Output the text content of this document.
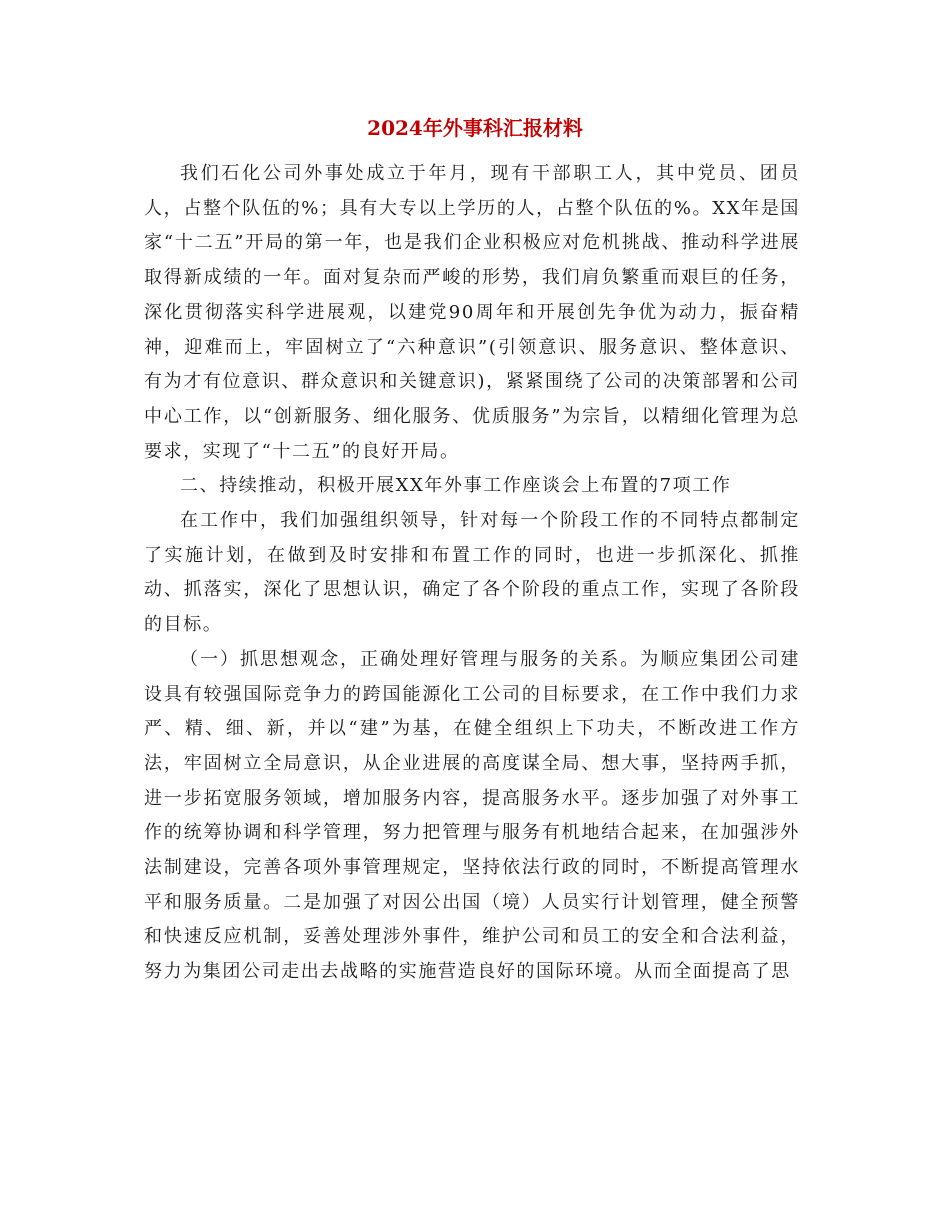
2024年外事科汇报材料

我们石化公司外事处成立于年月，现有干部职工人，其中党员、团员人，占整个队伍的%；具有大专以上学历的人，占整个队伍的%。XX年是国家“十二五”开局的第一年，也是我们企业积极应对危机挑战、推动科学进展取得新成绩的一年。面对复杂而严峻的形势，我们肩负繁重而艰巨的任务，深化贯彻落实科学进展观，以建党90周年和开展创先争优为动力，振奋精神，迎难而上，牢固树立了“六种意识”(引领意识、服务意识、整体意识、有为才有位意识、群众意识和关键意识)，紧紧围绕了公司的决策部署和公司中心工作，以“创新服务、细化服务、优质服务”为宗旨，以精细化管理为总要求，实现了“十二五”的良好开局。

二、持续推动，积极开展XX年外事工作座谈会上布置的7项工作

在工作中，我们加强组织领导，针对每一个阶段工作的不同特点都制定了实施计划，在做到及时安排和布置工作的同时，也进一步抓深化、抓推动、抓落实，深化了思想认识，确定了各个阶段的重点工作，实现了各阶段的目标。

（一）抓思想观念，正确处理好管理与服务的关系。为顺应集团公司建设具有较强国际竞争力的跨国能源化工公司的目标要求，在工作中我们力求严、精、细、新，并以“建”为基，在健全组织上下功夫，不断改进工作方法，牢固树立全局意识，从企业进展的高度谋全局、想大事，坚持两手抓，进一步拓宽服务领域，增加服务内容，提高服务水平。逐步加强了对外事工作的统筹协调和科学管理，努力把管理与服务有机地结合起来，在加强涉外法制建设，完善各项外事管理规定，坚持依法行政的同时，不断提高管理水平和服务质量。二是加强了对因公出国（境）人员实行计划管理，健全预警和快速反应机制，妥善处理涉外事件，维护公司和员工的安全和合法利益，努力为集团公司走出去战略的实施营造良好的国际环境。从而全面提高了思
